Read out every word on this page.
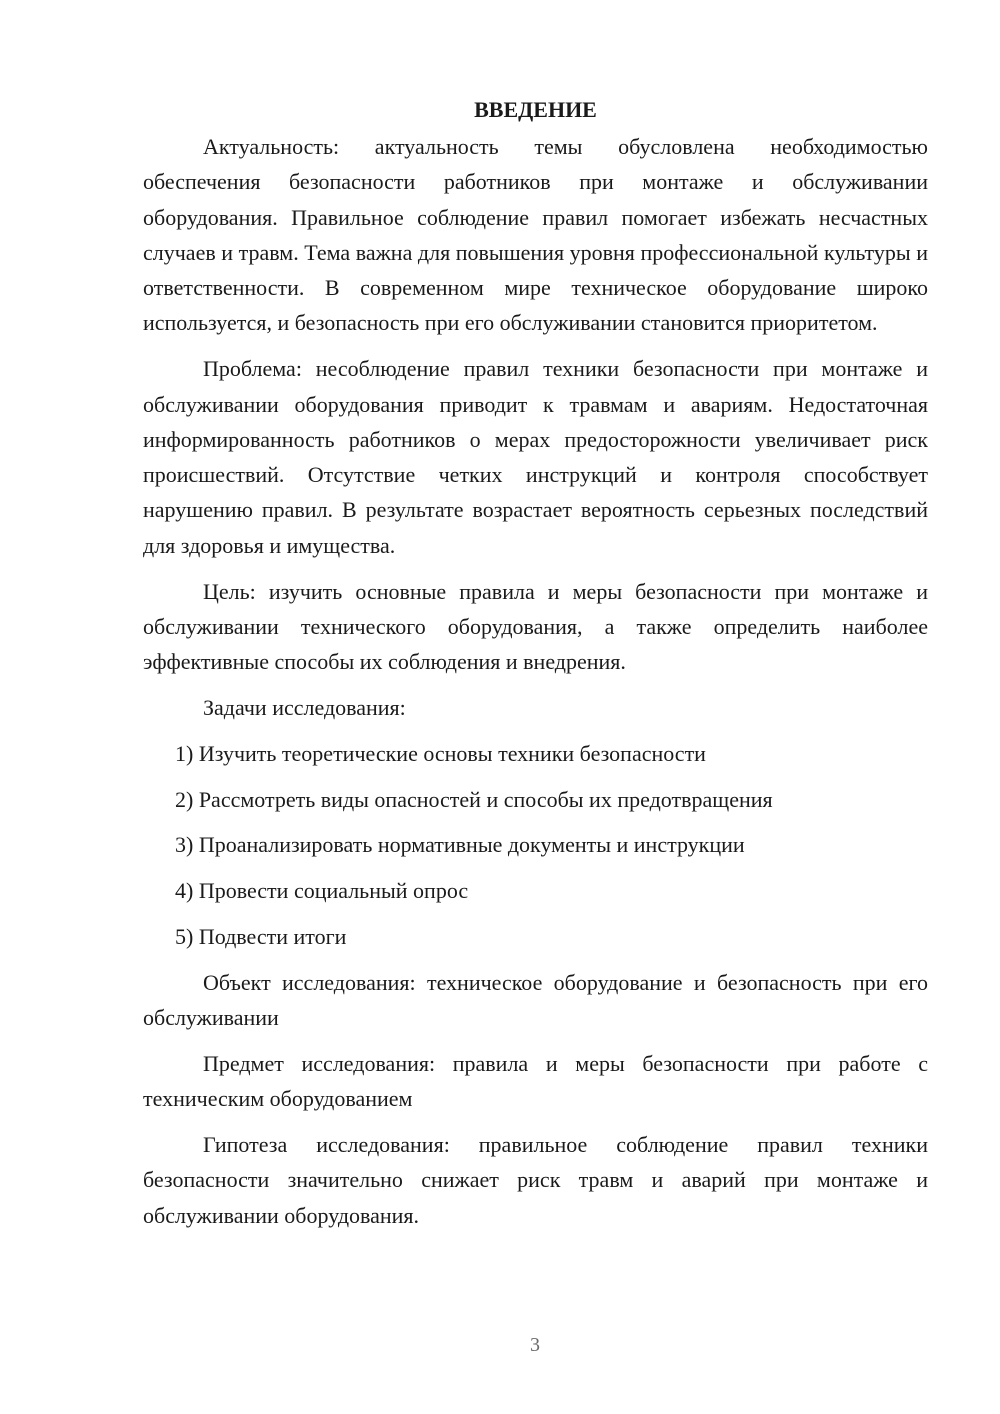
ВВЕДЕНИЕ

Актуальность: актуальность темы обусловлена необходимостью обеспечения безопасности работников при монтаже и обслуживании оборудования. Правильное соблюдение правил помогает избежать несчастных случаев и травм. Тема важна для повышения уровня профессиональной культуры и ответственности. В современном мире техническое оборудование широко используется, и безопасность при его обслуживании становится приоритетом.

Проблема: несоблюдение правил техники безопасности при монтаже и обслуживании оборудования приводит к травмам и авариям. Недостаточная информированность работников о мерах предосторожности увеличивает риск происшествий. Отсутствие четких инструкций и контроля способствует нарушению правил. В результате возрастает вероятность серьезных последствий для здоровья и имущества.

Цель: изучить основные правила и меры безопасности при монтаже и обслуживании технического оборудования, а также определить наиболее эффективные способы их соблюдения и внедрения.

Задачи исследования:

1) Изучить теоретические основы техники безопасности
2) Рассмотреть виды опасностей и способы их предотвращения
3) Проанализировать нормативные документы и инструкции
4) Провести социальный опрос
5) Подвести итоги

Объект исследования: техническое оборудование и безопасность при его обслуживании

Предмет исследования: правила и меры безопасности при работе с техническим оборудованием

Гипотеза исследования: правильное соблюдение правил техники безопасности значительно снижает риск травм и аварий при монтаже и обслуживании оборудования.

3
